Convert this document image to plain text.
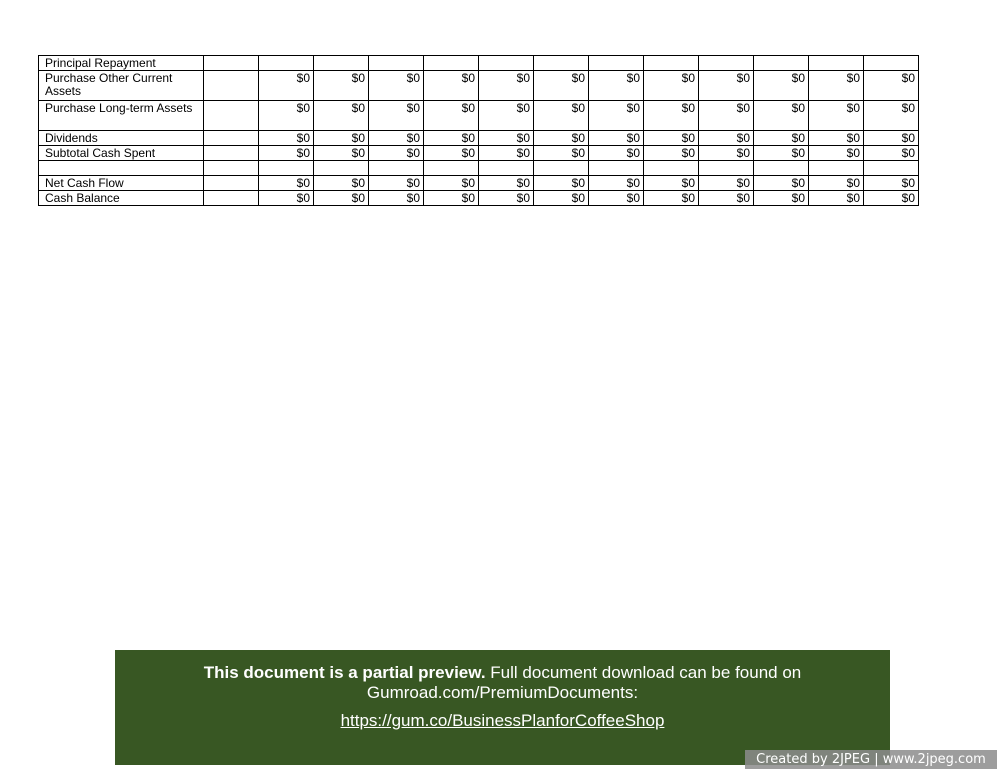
Principal Repayment													
Purchase Other Current Assets		$0	$0	$0	$0	$0	$0	$0	$0	$0	$0	$0	$0
Purchase Long-term Assets		$0	$0	$0	$0	$0	$0	$0	$0	$0	$0	$0	$0
Dividends		$0	$0	$0	$0	$0	$0	$0	$0	$0	$0	$0	$0
Subtotal Cash Spent		$0	$0	$0	$0	$0	$0	$0	$0	$0	$0	$0	$0

Net Cash Flow		$0	$0	$0	$0	$0	$0	$0	$0	$0	$0	$0	$0
Cash Balance		$0	$0	$0	$0	$0	$0	$0	$0	$0	$0	$0	$0
This document is a partial preview. Full document download can be found on Gumroad.com/PremiumDocuments:
https://gum.co/BusinessPlanforCoffeeShop
Created by 2JPEG | www.2jpeg.com
